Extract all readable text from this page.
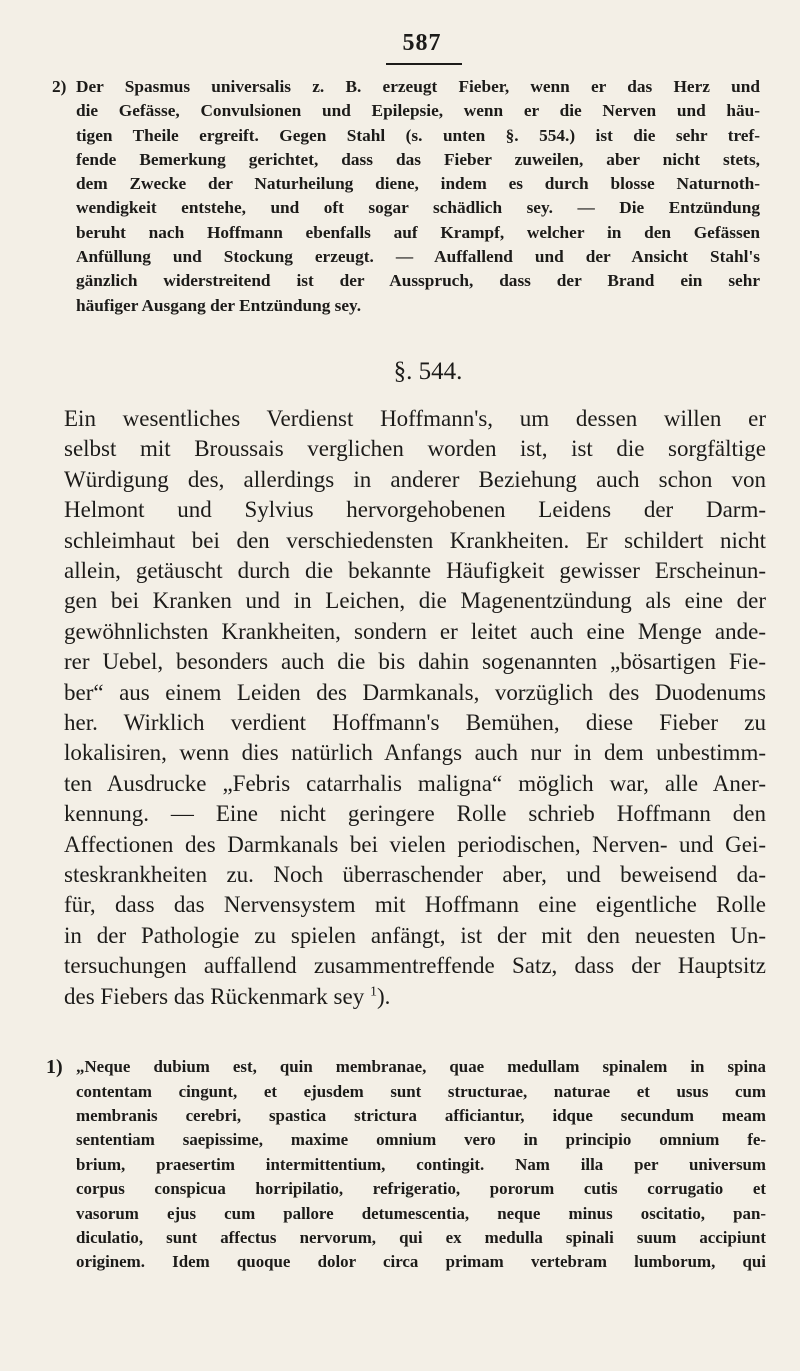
587
2) Der Spasmus universalis z. B. erzeugt Fieber, wenn er das Herz und
die Gefässe, Convulsionen und Epilepsie, wenn er die Nerven und häu-
tigen Theile ergreift. Gegen Stahl (s. unten §. 554.) ist die sehr tref-
fende Bemerkung gerichtet, dass das Fieber zuweilen, aber nicht stets,
dem Zwecke der Naturheilung diene, indem es durch blosse Naturnoth-
wendigkeit entstehe, und oft sogar schädlich sey. — Die Entzündung
beruht nach Hoffmann ebenfalls auf Krampf, welcher in den Gefässen
Anfüllung und Stockung erzeugt. — Auffallend und der Ansicht Stahl's
gänzlich widerstreitend ist der Ausspruch, dass der Brand ein sehr
häufiger Ausgang der Entzündung sey.
§. 544.
Ein wesentliches Verdienst Hoffmann's, um dessen willen er
selbst mit Broussais verglichen worden ist, ist die sorgfältige
Würdigung des, allerdings in anderer Beziehung auch schon von
Helmont und Sylvius hervorgehobenen Leidens der Darm-
schleimhaut bei den verschiedensten Krankheiten. Er schildert nicht
allein, getäuscht durch die bekannte Häufigkeit gewisser Erscheinun-
gen bei Kranken und in Leichen, die Magenentzündung als eine der
gewöhnlichsten Krankheiten, sondern er leitet auch eine Menge ande-
rer Uebel, besonders auch die bis dahin sogenannten „bösartigen Fie-
ber“ aus einem Leiden des Darmkanals, vorzüglich des Duodenums
her. Wirklich verdient Hoffmann's Bemühen, diese Fieber zu
lokalisiren, wenn dies natürlich Anfangs auch nur in dem unbestimm-
ten Ausdrucke „Febris catarrhalis maligna“ möglich war, alle Aner-
kennung. — Eine nicht geringere Rolle schrieb Hoffmann den
Affectionen des Darmkanals bei vielen periodischen, Nerven- und Gei-
steskrankheiten zu. Noch überraschender aber, und beweisend da-
für, dass das Nervensystem mit Hoffmann eine eigentliche Rolle
in der Pathologie zu spielen anfängt, ist der mit den neuesten Un-
tersuchungen auffallend zusammentreffende Satz, dass der Hauptsitz
des Fiebers das Rückenmark sey $^1$).
1) „Neque dubium est, quin membranae, quae medullam spinalem in spina
contentam cingunt, et ejusdem sunt structurae, naturae et usus cum
membranis cerebri, spastica strictura afficiantur, idque secundum meam
sententiam saepissime, maxime omnium vero in principio omnium fe-
brium, praesertim intermittentium, contingit. Nam illa per universum
corpus conspicua horripilatio, refrigeratio, pororum cutis corrugatio et
vasorum ejus cum pallore detumescentia, neque minus oscitatio, pan-
diculatio, sunt affectus nervorum, qui ex medulla spinali suum accipiunt
originem. Idem quoque dolor circa primam vertebram lumborum, qui
